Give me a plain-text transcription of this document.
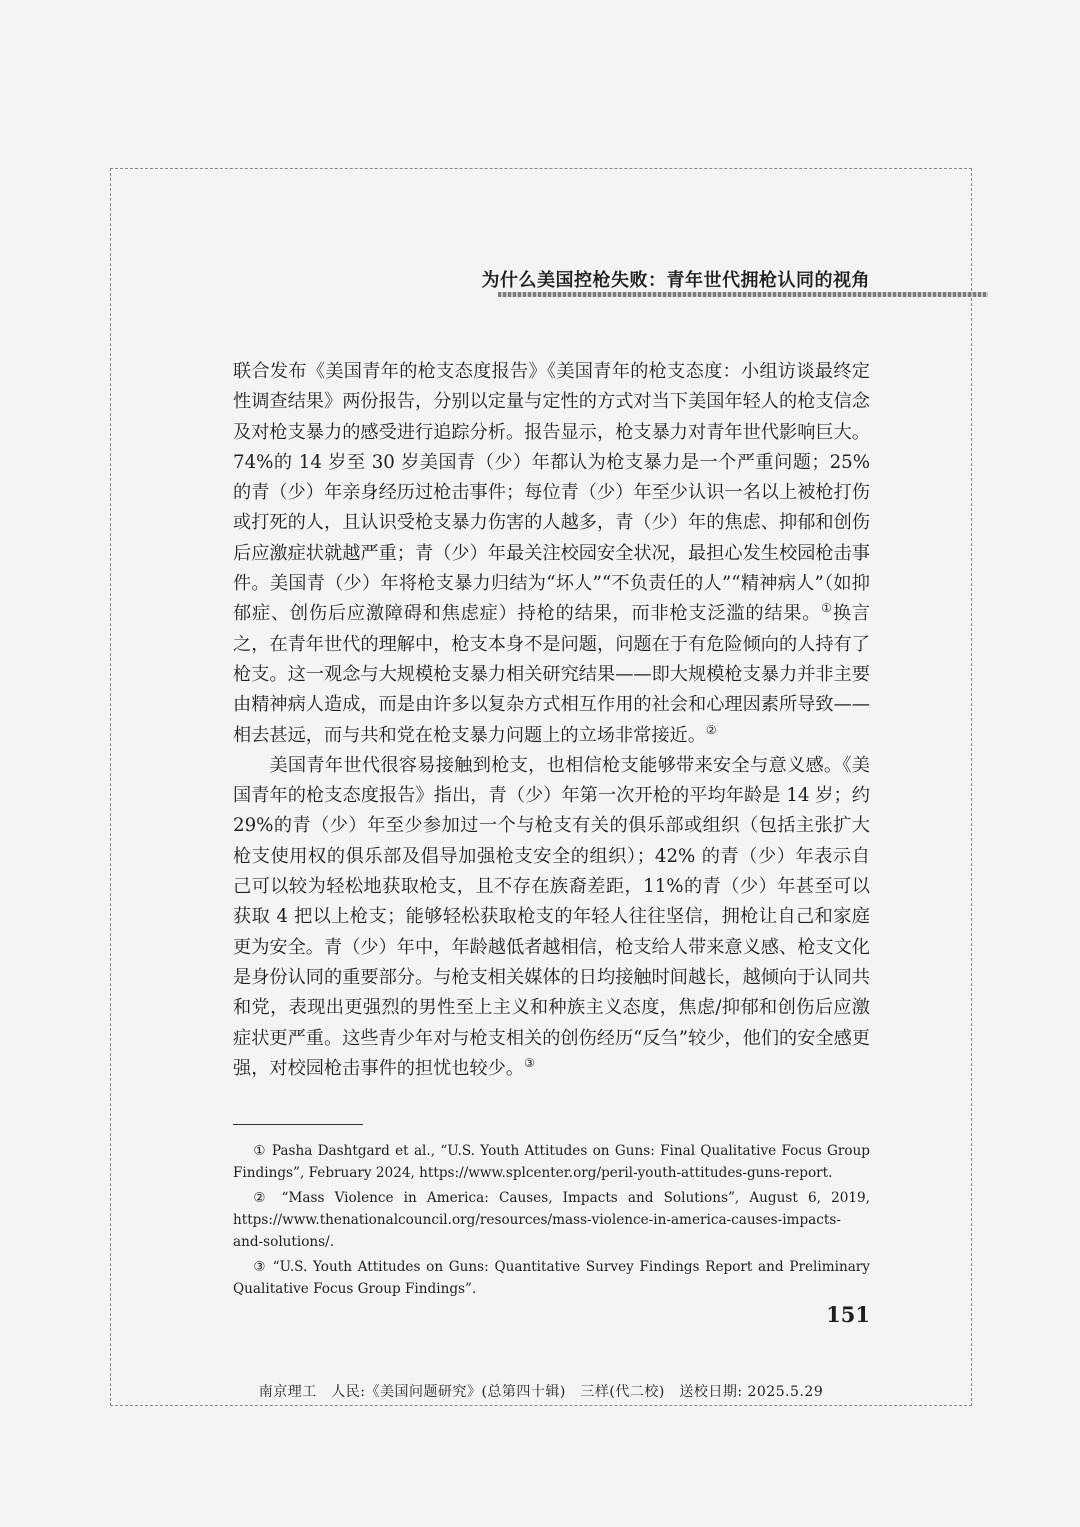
为什么美国控枪失败：青年世代拥枪认同的视角

联合发布《美国青年的枪支态度报告》《美国青年的枪支态度：小组访谈最终定性调查结果》两份报告，分别以定量与定性的方式对当下美国年轻人的枪支信念及对枪支暴力的感受进行追踪分析。报告显示，枪支暴力对青年世代影响巨大。74%的 14 岁至 30 岁美国青（少）年都认为枪支暴力是一个严重问题；25% 的青（少）年亲身经历过枪击事件；每位青（少）年至少认识一名以上被枪打伤或打死的人，且认识受枪支暴力伤害的人越多，青（少）年的焦虑、抑郁和创伤后应激症状就越严重；青（少）年最关注校园安全状况，最担心发生校园枪击事件。美国青（少）年将枪支暴力归结为“坏人”“不负责任的人”“精神病人”（如抑郁症、创伤后应激障碍和焦虑症）持枪的结果，而非枪支泛滥的结果。①换言之，在青年世代的理解中，枪支本身不是问题，问题在于有危险倾向的人持有了枪支。这一观念与大规模枪支暴力相关研究结果——即大规模枪支暴力并非主要由精神病人造成，而是由许多以复杂方式相互作用的社会和心理因素所导致——相去甚远，而与共和党在枪支暴力问题上的立场非常接近。②

美国青年世代很容易接触到枪支，也相信枪支能够带来安全与意义感。《美国青年的枪支态度报告》指出，青（少）年第一次开枪的平均年龄是 14 岁；约 29%的青（少）年至少参加过一个与枪支有关的俱乐部或组织（包括主张扩大枪支使用权的俱乐部及倡导加强枪支安全的组织）；42% 的青（少）年表示自己可以较为轻松地获取枪支，且不存在族裔差距，11%的青（少）年甚至可以获取 4 把以上枪支；能够轻松获取枪支的年轻人往往坚信，拥枪让自己和家庭更为安全。青（少）年中，年龄越低者越相信，枪支给人带来意义感、枪支文化是身份认同的重要部分。与枪支相关媒体的日均接触时间越长，越倾向于认同共和党，表现出更强烈的男性至上主义和种族主义态度，焦虑/抑郁和创伤后应激症状更严重。这些青少年对与枪支相关的创伤经历“反刍”较少，他们的安全感更强，对校园枪击事件的担忧也较少。③

① Pasha Dashtgard et al., “U.S. Youth Attitudes on Guns: Final Qualitative Focus Group Findings”, February 2024, https://www.splcenter.org/peril-youth-attitudes-guns-report.

② “Mass Violence in America: Causes, Impacts and Solutions”, August 6, 2019, https://www.thenationalcouncil.org/resources/mass-violence-in-america-causes-impacts-and-solutions/.

③ “U.S. Youth Attitudes on Guns: Quantitative Survey Findings Report and Preliminary Qualitative Focus Group Findings”.

151
南京理工　人民:《美国问题研究》(总第四十辑)　三样(代二校)　送校日期: 2025.5.29
